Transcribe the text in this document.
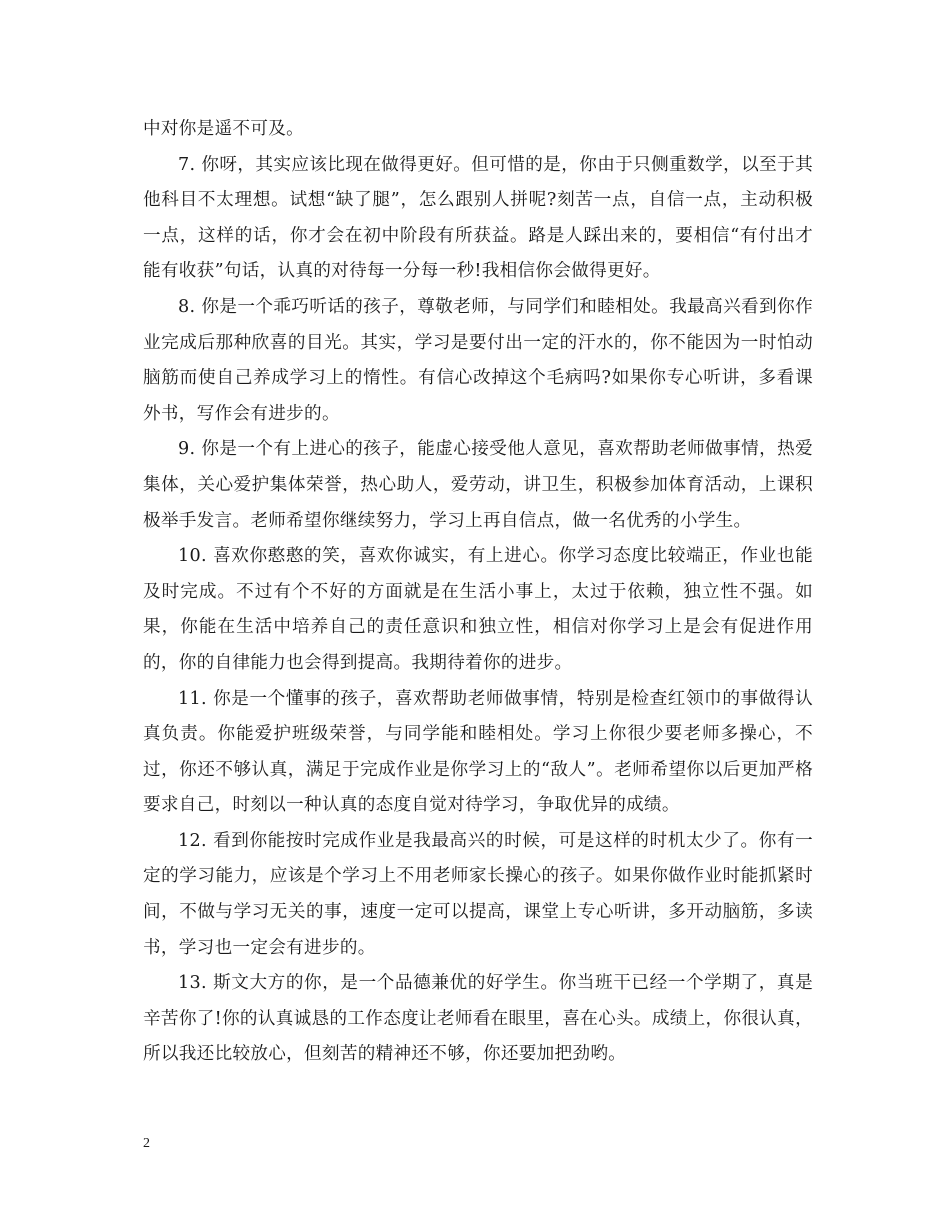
中对你是遥不可及。

7. 你呀，其实应该比现在做得更好。但可惜的是，你由于只侧重数学，以至于其他科目不太理想。试想“缺了腿”，怎么跟别人拼呢?刻苦一点，自信一点，主动积极一点，这样的话，你才会在初中阶段有所获益。路是人踩出来的，要相信“有付出才能有收获”句话，认真的对待每一分每一秒!我相信你会做得更好。

8. 你是一个乖巧听话的孩子，尊敬老师，与同学们和睦相处。我最高兴看到你作业完成后那种欣喜的目光。其实，学习是要付出一定的汗水的，你不能因为一时怕动脑筋而使自己养成学习上的惰性。有信心改掉这个毛病吗?如果你专心听讲，多看课外书，写作会有进步的。

9. 你是一个有上进心的孩子，能虚心接受他人意见，喜欢帮助老师做事情，热爱集体，关心爱护集体荣誉，热心助人，爱劳动，讲卫生，积极参加体育活动，上课积极举手发言。老师希望你继续努力，学习上再自信点，做一名优秀的小学生。

10. 喜欢你憨憨的笑，喜欢你诚实，有上进心。你学习态度比较端正，作业也能及时完成。不过有个不好的方面就是在生活小事上，太过于依赖，独立性不强。如果，你能在生活中培养自己的责任意识和独立性，相信对你学习上是会有促进作用的，你的自律能力也会得到提高。我期待着你的进步。

11. 你是一个懂事的孩子，喜欢帮助老师做事情，特别是检查红领巾的事做得认真负责。你能爱护班级荣誉，与同学能和睦相处。学习上你很少要老师多操心，不过，你还不够认真，满足于完成作业是你学习上的“敌人”。老师希望你以后更加严格要求自己，时刻以一种认真的态度自觉对待学习，争取优异的成绩。

12. 看到你能按时完成作业是我最高兴的时候，可是这样的时机太少了。你有一定的学习能力，应该是个学习上不用老师家长操心的孩子。如果你做作业时能抓紧时间，不做与学习无关的事，速度一定可以提高，课堂上专心听讲，多开动脑筋，多读书，学习也一定会有进步的。

13. 斯文大方的你，是一个品德兼优的好学生。你当班干已经一个学期了，真是辛苦你了!你的认真诚恳的工作态度让老师看在眼里，喜在心头。成绩上，你很认真，所以我还比较放心，但刻苦的精神还不够，你还要加把劲哟。

2
